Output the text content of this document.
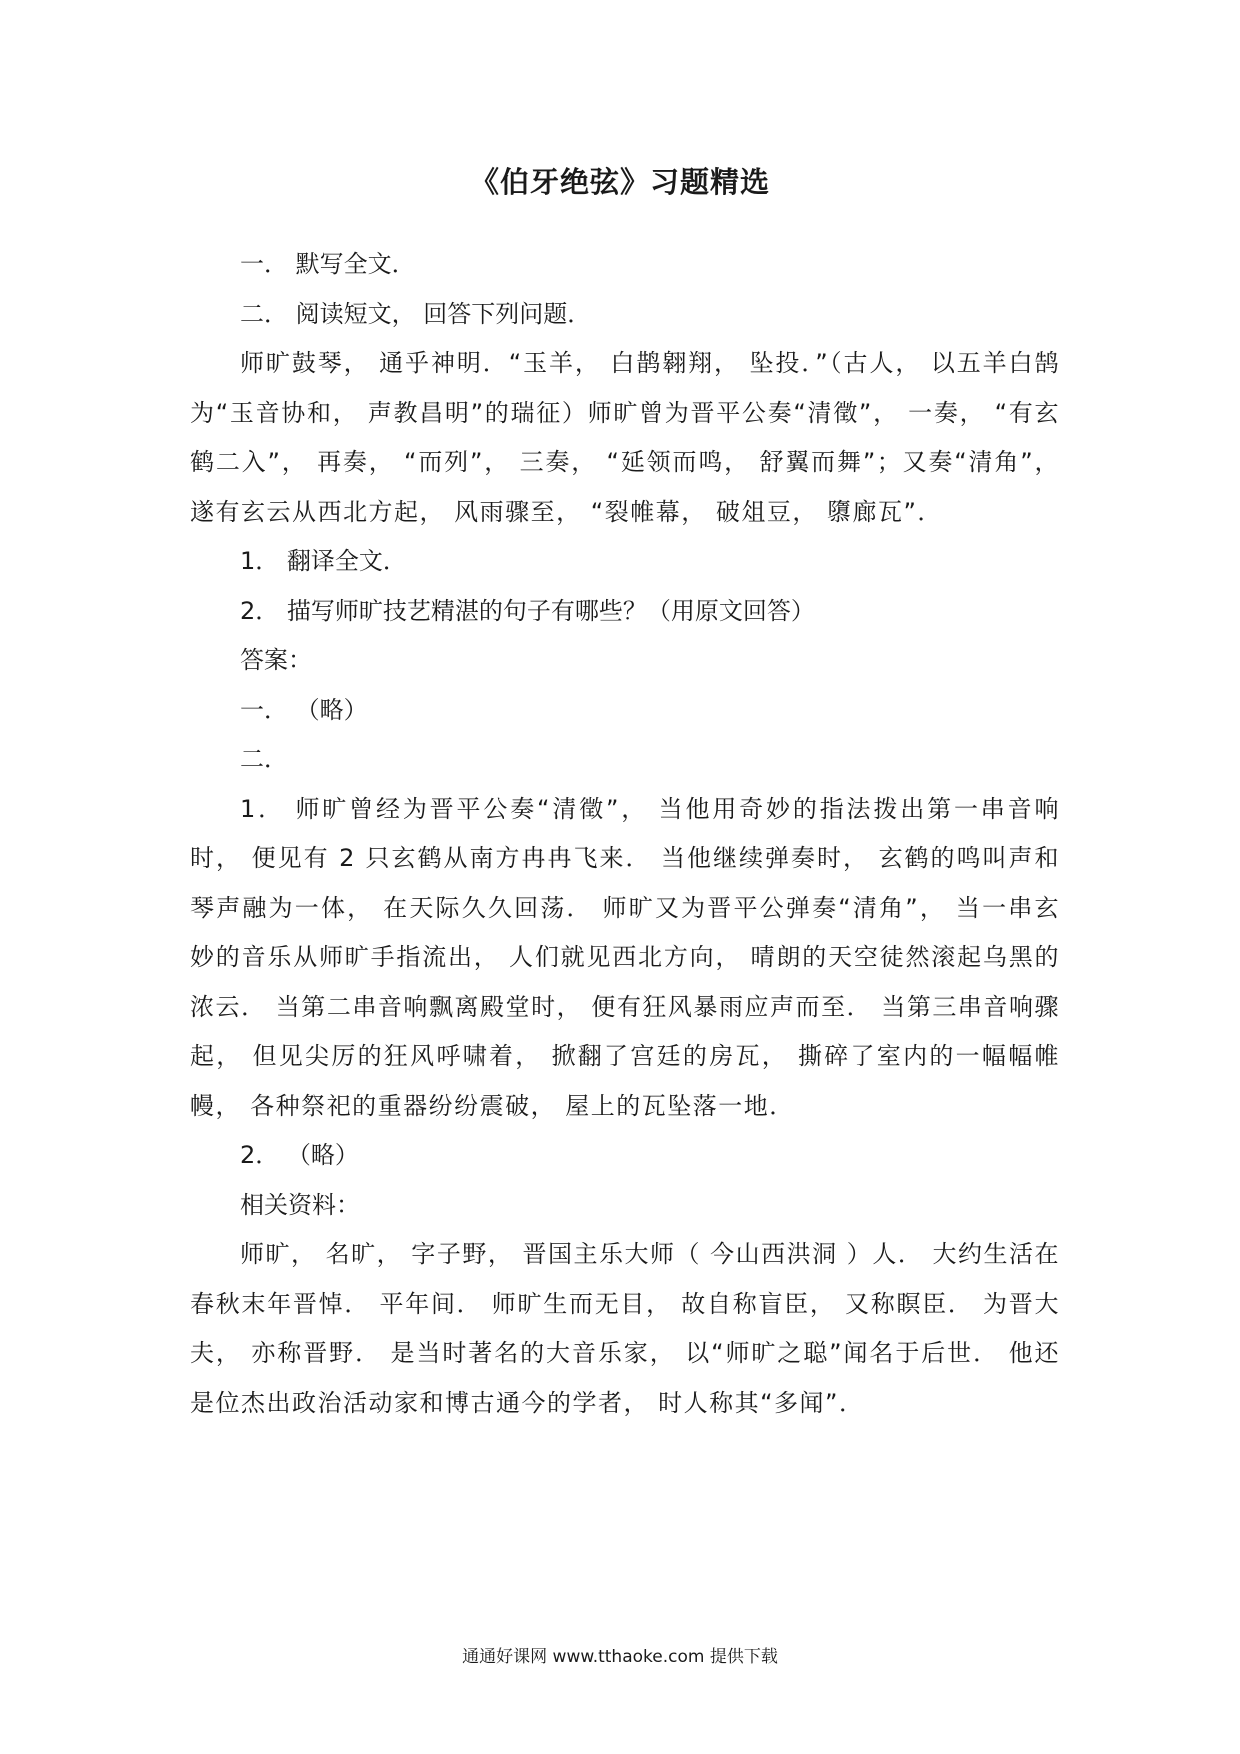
《伯牙绝弦》习题精选

一． 默写全文．

二． 阅读短文， 回答下列问题．

师旷鼓琴， 通乎神明．“玉羊， 白鹊翱翔， 坠投．”（古人， 以五羊白鹄为“玉音协和， 声教昌明”的瑞征）师旷曾为晋平公奏“清徵”， 一奏， “有玄鹤二入”， 再奏， “而列”， 三奏， “延领而鸣， 舒翼而舞”；又奏“清角”， 遂有玄云从西北方起， 风雨骤至， “裂帷幕， 破俎豆， 隳廊瓦”．

1． 翻译全文．

2． 描写师旷技艺精湛的句子有哪些？（用原文回答）

答案：

一． （略）

二．

1． 师旷曾经为晋平公奏“清徵”， 当他用奇妙的指法拨出第一串音响时， 便见有 2 只玄鹤从南方冉冉飞来． 当他继续弹奏时， 玄鹤的鸣叫声和琴声融为一体， 在天际久久回荡． 师旷又为晋平公弹奏“清角”， 当一串玄妙的音乐从师旷手指流出， 人们就见西北方向， 晴朗的天空徒然滚起乌黑的浓云． 当第二串音响飘离殿堂时， 便有狂风暴雨应声而至． 当第三串音响骤起， 但见尖厉的狂风呼啸着， 掀翻了宫廷的房瓦， 撕碎了室内的一幅幅帷幔， 各种祭祀的重器纷纷震破， 屋上的瓦坠落一地．

2． （略）

相关资料：

师旷， 名旷， 字子野， 晋国主乐大师（ 今山西洪洞 ）人． 大约生活在春秋末年晋悼． 平年间． 师旷生而无目， 故自称盲臣， 又称瞑臣． 为晋大夫， 亦称晋野． 是当时著名的大音乐家， 以“师旷之聪”闻名于后世． 他还是位杰出政治活动家和博古通今的学者， 时人称其“多闻”．

通通好课网 www.tthaoke.com 提供下载
